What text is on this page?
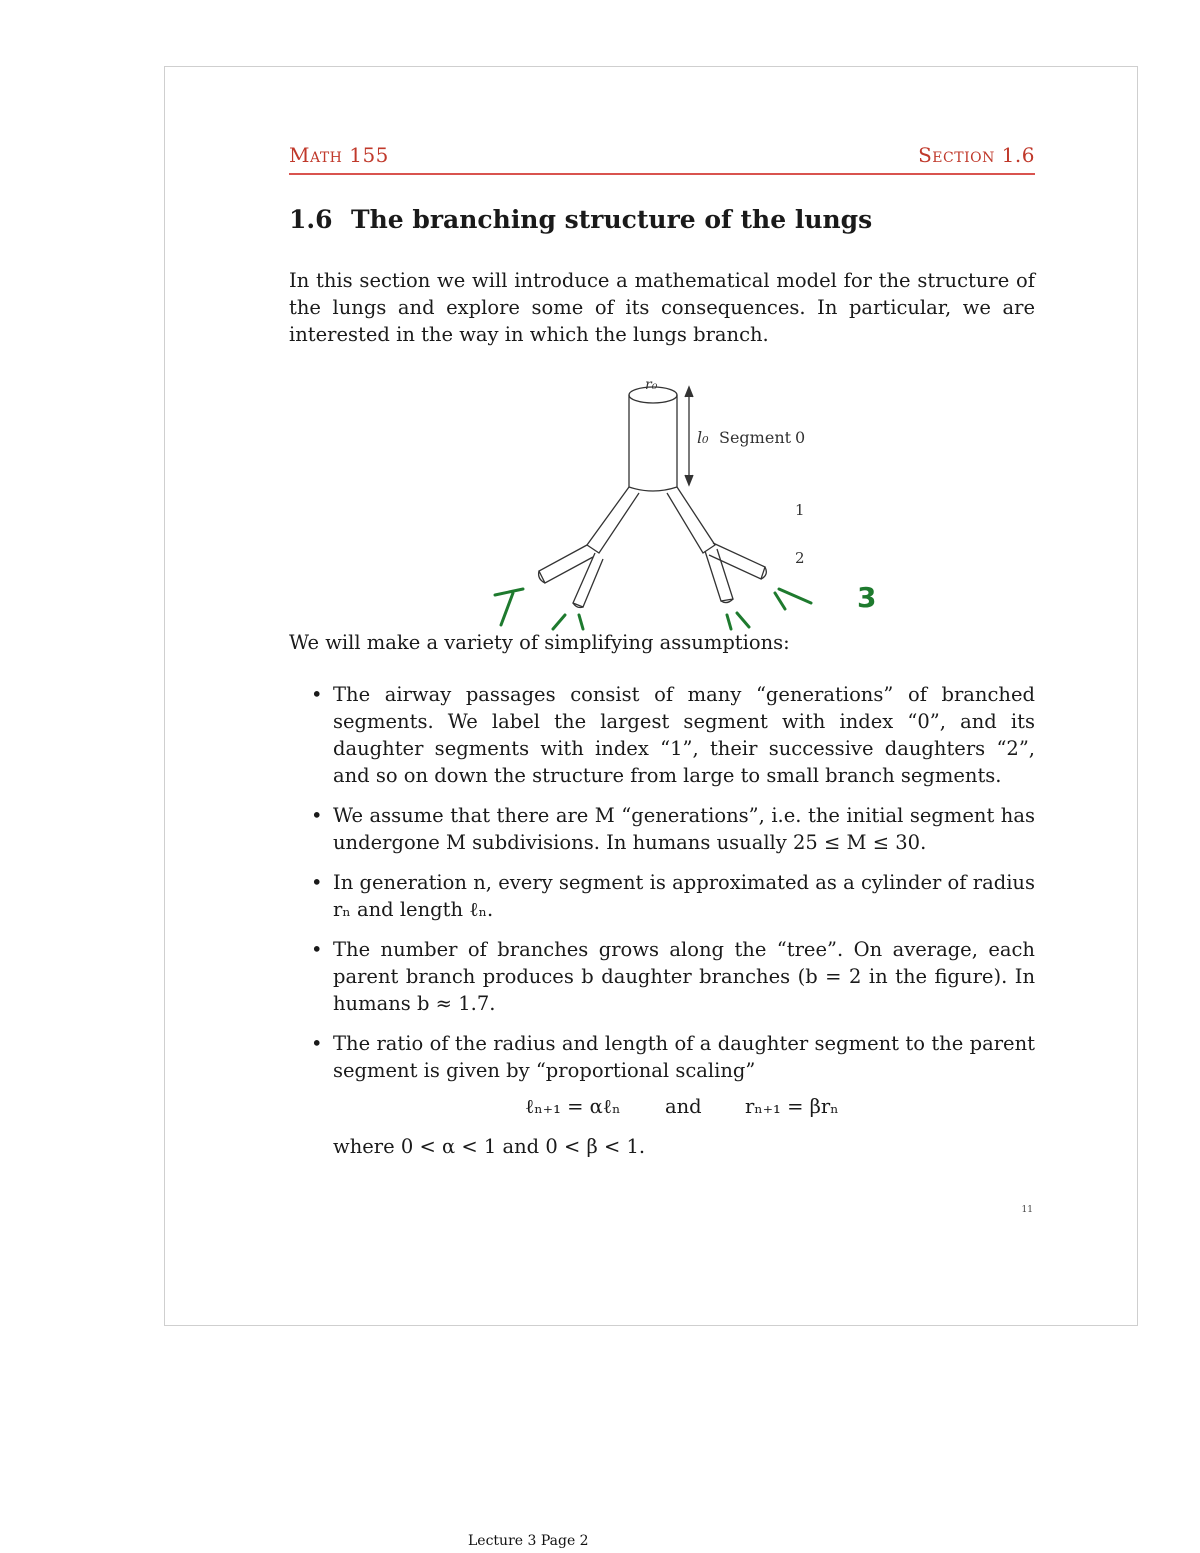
Math 155	Section 1.6
1.6 The branching structure of the lungs
In this section we will introduce a mathematical model for the structure of the lungs and explore some of its consequences. In particular, we are interested in the way in which the lungs branch.
r₀
l₀ Segment 0
1
2
3
We will make a variety of simplifying assumptions:
• The airway passages consist of many “generations” of branched segments. We label the largest segment with index “0”, and its daughter segments with index “1”, their successive daughters “2”, and so on down the structure from large to small branch segments.
• We assume that there are M “generations”, i.e. the initial segment has undergone M subdivisions. In humans usually 25 ≤ M ≤ 30.
• In generation n, every segment is approximated as a cylinder of radius rₙ and length ℓₙ.
• The number of branches grows along the “tree”. On average, each parent branch produces b daughter branches (b = 2 in the figure). In humans b ≈ 1.7.
• The ratio of the radius and length of a daughter segment to the parent segment is given by “proportional scaling”
ℓₙ₊₁ = αℓₙ and rₙ₊₁ = βrₙ
where 0 < α < 1 and 0 < β < 1.
11
Lecture 3 Page 2
